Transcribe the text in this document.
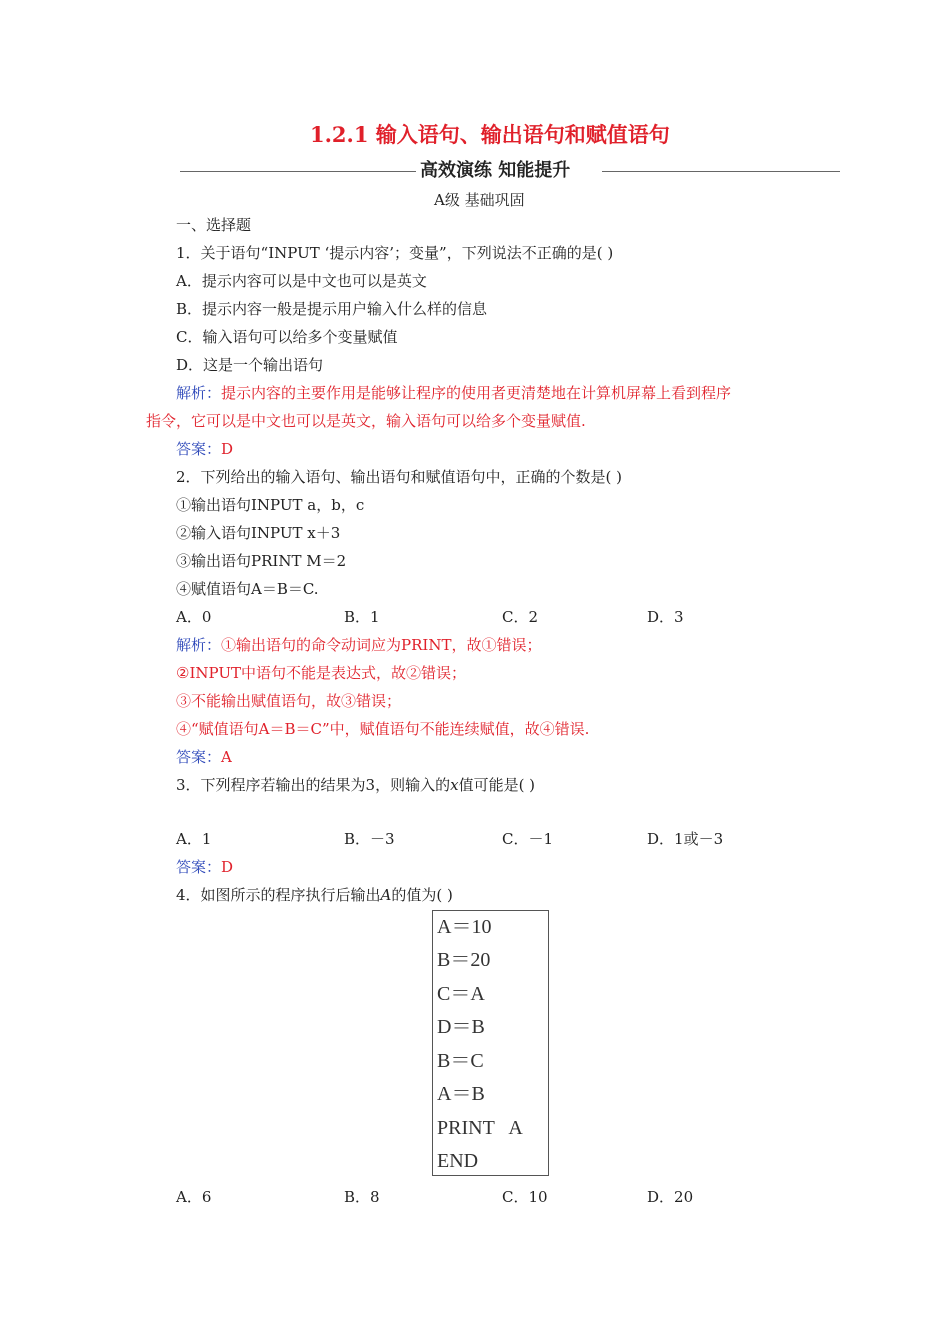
1.2.1 输入语句、输出语句和赋值语句
高效演练 知能提升
A级 基础巩固
一、选择题
1．关于语句“INPUT ‘提示内容’；变量”，下列说法不正确的是( )
A．提示内容可以是中文也可以是英文
B．提示内容一般是提示用户输入什么样的信息
C．输入语句可以给多个变量赋值
D．这是一个输出语句
解析：提示内容的主要作用是能够让程序的使用者更清楚地在计算机屏幕上看到程序
指令，它可以是中文也可以是英文，输入语句可以给多个变量赋值.
答案：D
2．下列给出的输入语句、输出语句和赋值语句中，正确的个数是( )
①输出语句INPUT a，b，c
②输入语句INPUT x＋3
③输出语句PRINT M＝2
④赋值语句A＝B＝C.
A．0	B．1	C．2	D．3
解析：①输出语句的命令动词应为PRINT，故①错误；
②INPUT中语句不能是表达式，故②错误；
③不能输出赋值语句，故③错误；
④“赋值语句A＝B＝C”中，赋值语句不能连续赋值，故④错误.
答案：A
3．下列程序若输出的结果为3，则输入的x值可能是( )
A．1	B．－3	C．－1	D．1或－3
答案：D
4．如图所示的程序执行后输出A的值为( )
A＝10
B＝20
C＝A
D＝B
B＝C
A＝B
PRINT   A
END
A．6	B．8	C．10	D．20
